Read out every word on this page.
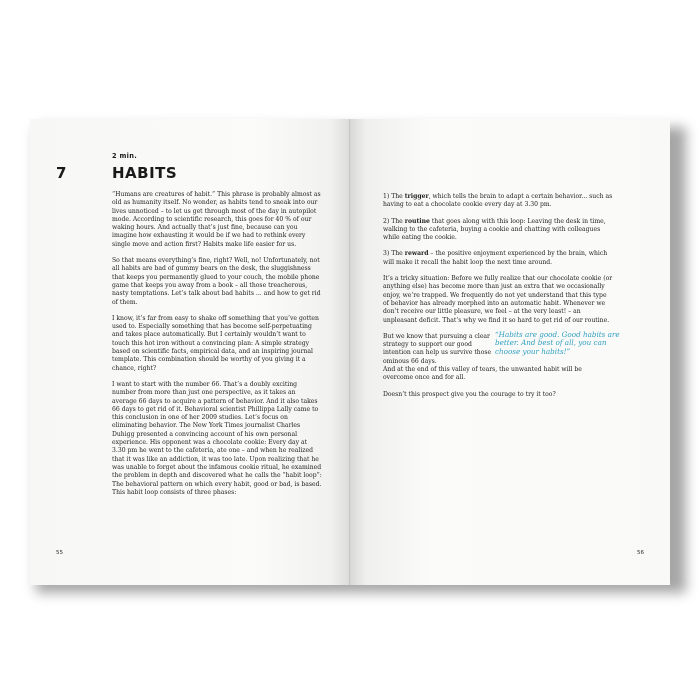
2 min.
7	HABITS

“Humans are creatures of habit.” This phrase is probably almost as old as humanity itself. No wonder, as habits tend to sneak into our lives unnoticed – to let us get through most of the day in autopilot mode. According to scientific research, this goes for 40 % of our waking hours. And actually that’s just fine, because can you imagine how exhausting it would be if we had to rethink every single move and action first? Habits make life easier for us.

So that means everything’s fine, right? Well, no! Unfortunately, not all habits are bad of gummy bears on the desk, the sluggishness that keeps you permanently glued to your couch, the mobile phone game that keeps you away from a book – all those treacherous, nasty temptations. Let’s talk about bad habits ... and how to get rid of them.

I know, it’s far from easy to shake off something that you’ve gotten used to. Especially something that has become self-perpetuating and takes place automatically. But I certainly wouldn’t want to touch this hot iron without a convincing plan: A simple strategy based on scientific facts, empirical data, and an inspiring journal template. This combination should be worthy of you giving it a chance, right?

I want to start with the number 66. That’s a doubly exciting number from more than just one perspective, as it takes an average 66 days to acquire a pattern of behavior. And it also takes 66 days to get rid of it. Behavioral scientist Phillippa Lally came to this conclusion in one of her 2009 studies. Let’s focus on eliminating behavior. The New York Times journalist Charles Duhigg presented a convincing account of his own personal experience. His opponent was a chocolate cookie: Every day at 3.30 pm he went to the cafeteria, ate one – and when he realized that it was like an addiction, it was too late. Upon realizing that he was unable to forget about the infamous cookie ritual, he examined the problem in depth and discovered what he calls the “habit loop”: The behavioral pattern on which every habit, good or bad, is based. This habit loop consists of three phases:

55

1) The trigger, which tells the brain to adapt a certain behavior... such as having to eat a chocolate cookie every day at 3.30 pm.

2) The routine that goes along with this loop: Leaving the desk in time, walking to the cafeteria, buying a cookie and chatting with colleagues while eating the cookie.

3) The reward – the positive enjoyment experienced by the brain, which will make it recall the habit loop the next time around.

It’s a tricky situation: Before we fully realize that our chocolate cookie (or anything else) has become more than just an extra that we occasionally enjoy, we’re trapped. We frequently do not yet understand that this type of behavior has already morphed into an automatic habit. Whenever we don’t receive our little pleasure, we feel – at the very least! – an unpleasant deficit. That’s why we find it so hard to get rid of our routine.

But we know that pursuing a clear strategy to support our good intention can help us survive those ominous 66 days.
“Habits are good. Good habits are better. And best of all, you can choose your habits!”

And at the end of this valley of tears, the unwanted habit will be overcome once and for all.

Doesn’t this prospect give you the courage to try it too?

56
